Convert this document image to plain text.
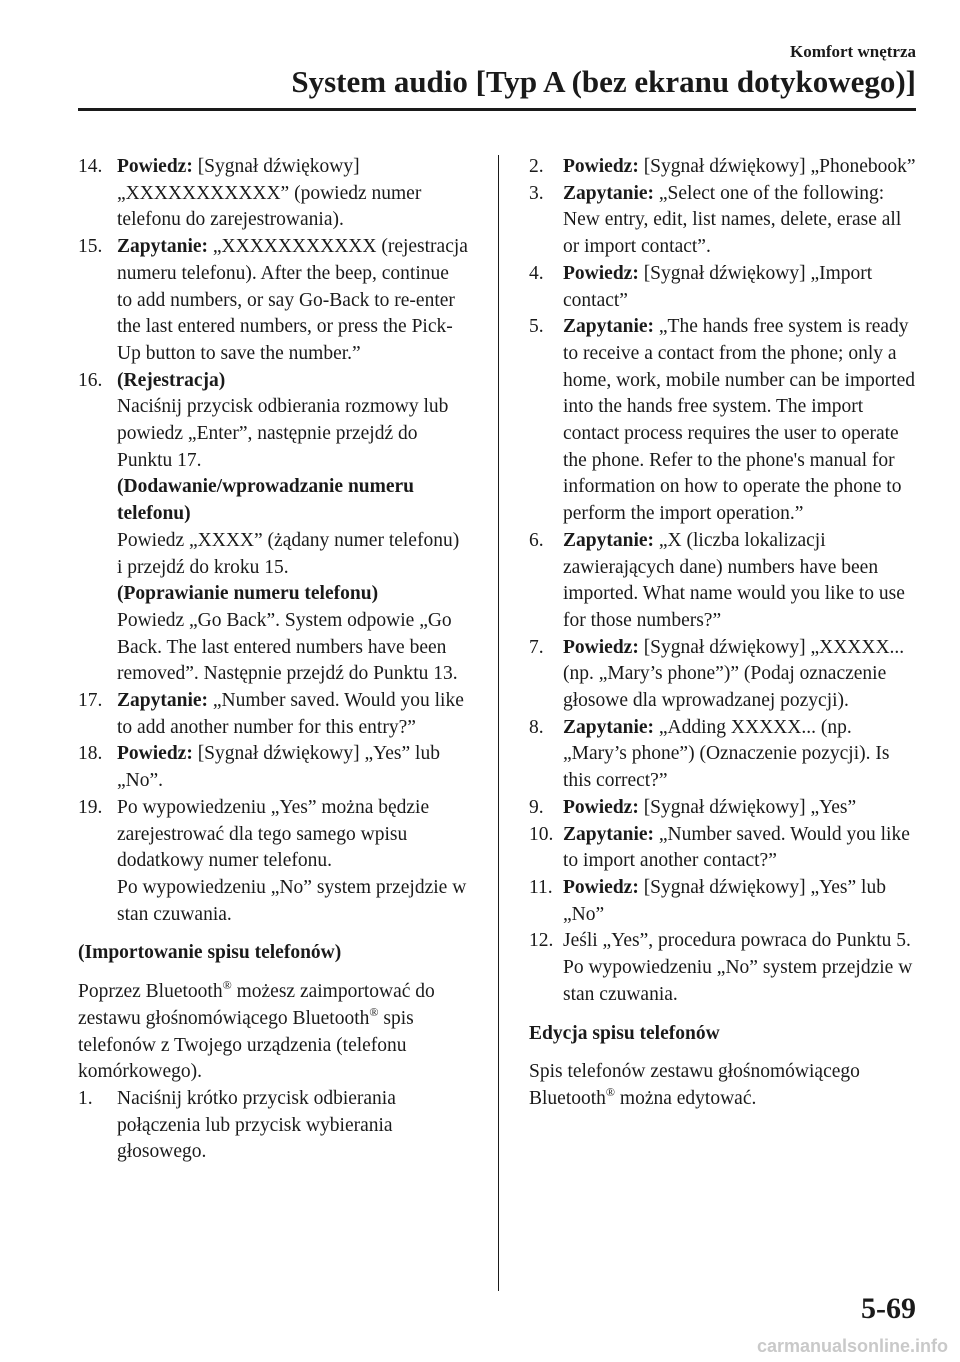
Komfort wnętrza
System audio [Typ A (bez ekranu dotykowego)]
14. Powiedz: [Sygnał dźwiękowy] „XXXXXXXXXXX” (powiedz numer telefonu do zarejestrowania).
15. Zapytanie: „XXXXXXXXXXX (rejestracja numeru telefonu). After the beep, continue to add numbers, or say Go-Back to re-enter the last entered numbers, or press the Pick- Up button to save the number.”
16. (Rejestracja)

Naciśnij przycisk odbierania rozmowy lub powiedz „Enter”, następnie przejdź do Punktu 17.

(Dodawanie/wprowadzanie numeru telefonu)

Powiedz „XXXX” (żądany numer telefonu) i przejdź do kroku 15.

(Poprawianie numeru telefonu)

Powiedz „Go Back”. System odpowie „Go Back. The last entered numbers have been removed”. Następnie przejdź do Punktu 13.

17. Zapytanie: „Number saved. Would you like to add another number for this entry?”
18. Powiedz: [Sygnał dźwiękowy] „Yes” lub „No”.
19. Po wypowiedzeniu „Yes” można będzie zarejestrować dla tego samego wpisu dodatkowy numer telefonu.

Po wypowiedzeniu „No” system przejdzie w stan czuwania.

(Importowanie spisu telefonów)

Poprzez Bluetooth® możesz zaimportować do zestawu głośnomówiącego Bluetooth® spis telefonów z Twojego urządzenia (telefonu komórkowego).

1.	Naciśnij krótko przycisk odbierania połączenia lub przycisk wybierania głosowego.
2. Powiedz: [Sygnał dźwiękowy] „Phonebook”
3. Zapytanie: „Select one of the following: New entry, edit, list names, delete, erase all or import contact”.
4. Powiedz: [Sygnał dźwiękowy] „Import contact”
5. Zapytanie: „The hands free system is ready to receive a contact from the phone; only a home, work, mobile number can be imported into the hands free system. The import contact process requires the user to operate the phone. Refer to the phone's manual for information on how to operate the phone to perform the import operation.”
6. Zapytanie: „X (liczba lokalizacji zawierających dane) numbers have been imported. What name would you like to use for those numbers?”
7. Powiedz: [Sygnał dźwiękowy] „XXXXX... (np. „Mary’s phone”)” (Podaj oznaczenie głosowe dla wprowadzanej pozycji).
8. Zapytanie: „Adding XXXXX... (np. „Mary’s phone”) (Oznaczenie pozycji). Is this correct?”
9. Powiedz: [Sygnał dźwiękowy] „Yes”
10. Zapytanie: „Number saved. Would you like to import another contact?”
11. Powiedz: [Sygnał dźwiękowy] „Yes” lub „No”
12. Jeśli „Yes”, procedura powraca do Punktu 5.

Po wypowiedzeniu „No” system przejdzie w stan czuwania.

Edycja spisu telefonów

Spis telefonów zestawu głośnomówiącego Bluetooth® można edytować.

5-69
carmanualsonline.info
